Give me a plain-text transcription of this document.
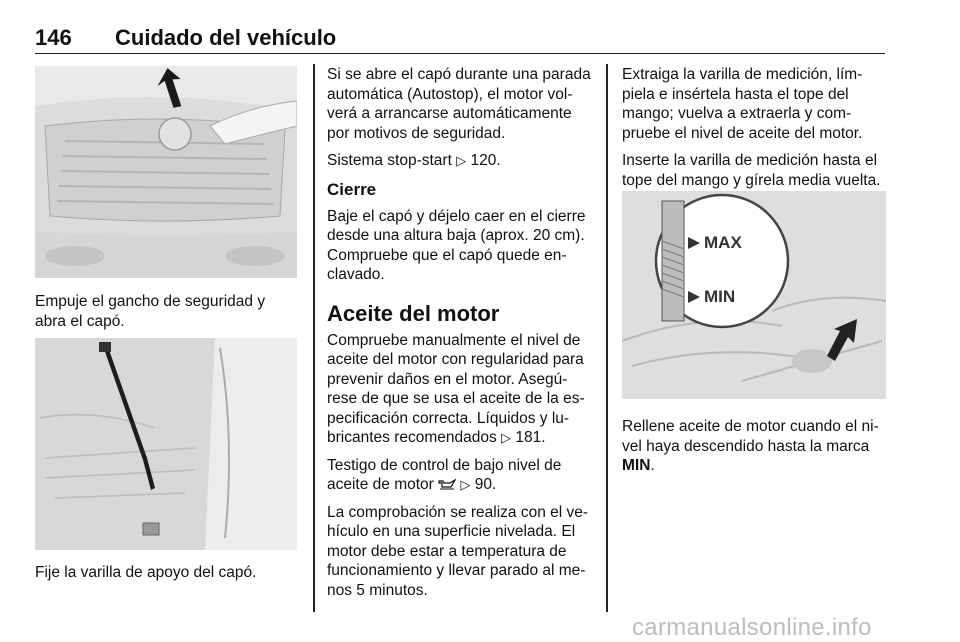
146 Cuidado del vehículo
Empuje el gancho de seguridad y abra el capó.
Fije la varilla de apoyo del capó.

Si se abre el capó durante una parada automática (Autostop), el motor vol- verá a arrancarse automáticamente por motivos de seguridad.

Sistema stop-start ▷ 120.

Cierre

Baje el capó y déjelo caer en el cierre desde una altura baja (aprox. 20 cm). Compruebe que el capó quede en- clavado.

Aceite del motor

Compruebe manualmente el nivel de aceite del motor con regularidad para prevenir daños en el motor. Asegú- rese de que se usa el aceite de la es- pecificación correcta. Líquidos y lu- bricantes recomendados ▷ 181.

Testigo de control de bajo nivel de aceite de motor ▷ 90.

La comprobación se realiza con el ve- hículo en una superficie nivelada. El motor debe estar a temperatura de funcionamiento y llevar parado al me- nos 5 minutos.

Extraiga la varilla de medición, lím- piela e insértela hasta el tope del mango; vuelva a extraerla y com- pruebe el nivel de aceite del motor.

Inserte la varilla de medición hasta el tope del mango y gírela media vuelta.

MAX
MIN

Rellene aceite de motor cuando el ni- vel haya descendido hasta la marca MIN.

carmanualsonline.info
